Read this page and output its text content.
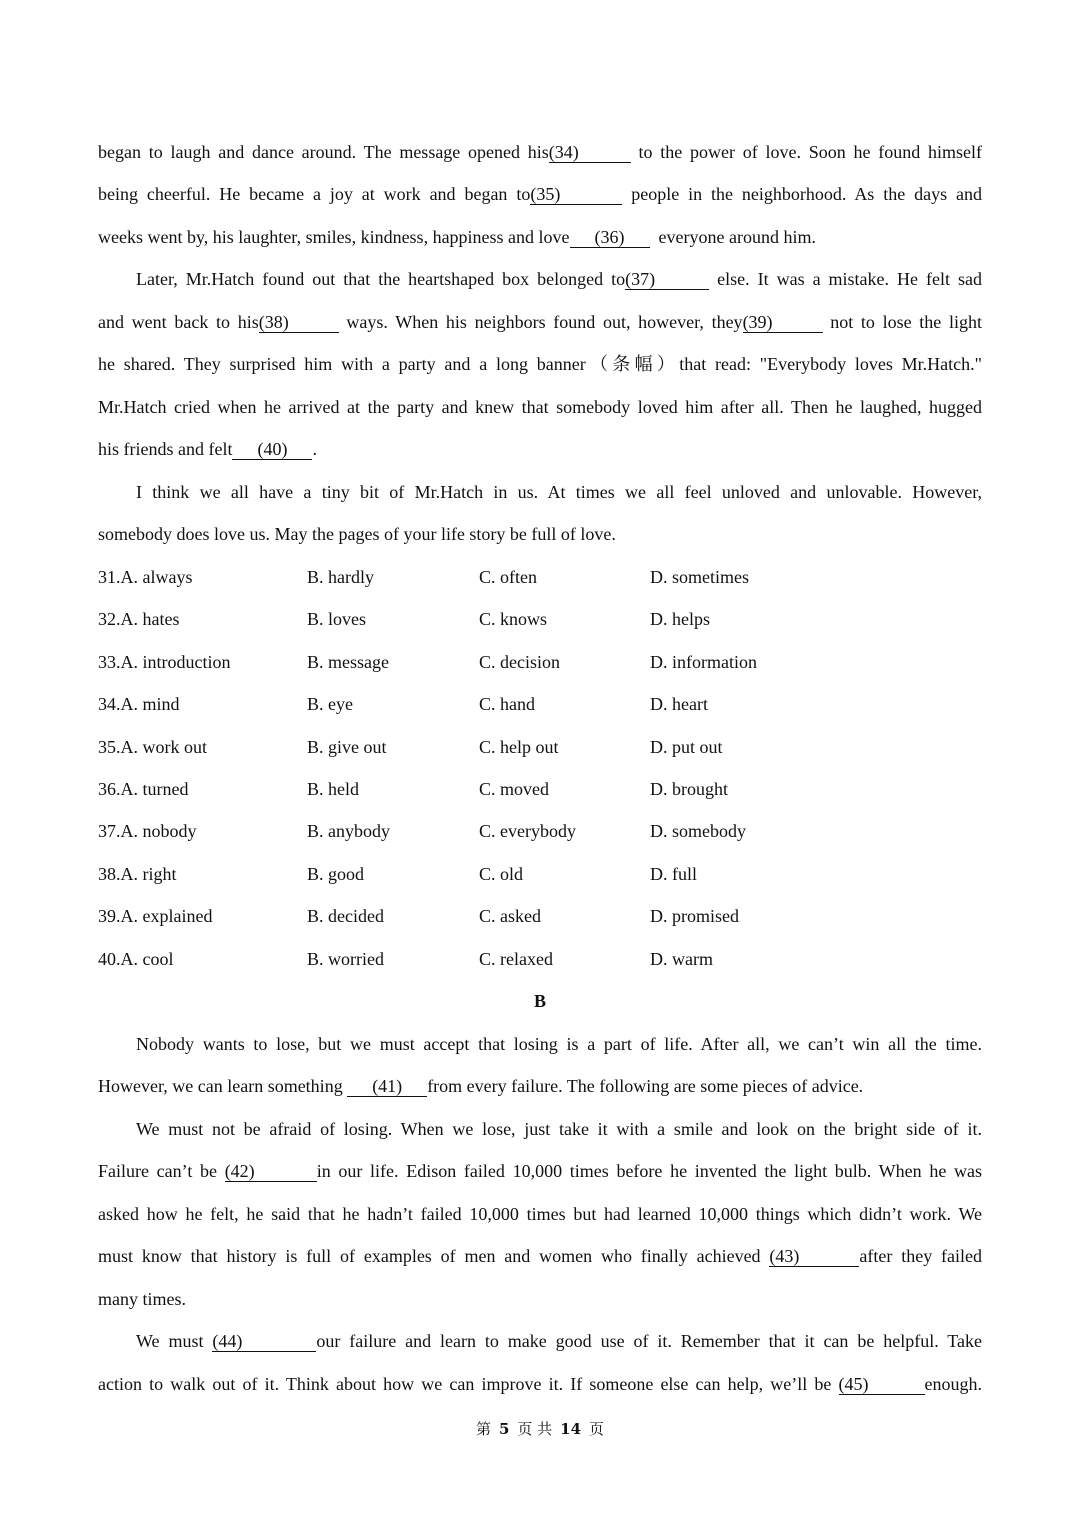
began to laugh and dance around. The message opened his(34)	to the power of love. Soon he found himself
being cheerful. He became a joy at work and began to(35)	people in the neighborhood. As the days and
weeks went by, his laughter, smiles, kindness, happiness and love (36) everyone around him.
Later, Mr.Hatch found out that the heartshaped box belonged to(37)	else. It was a mistake. He felt sad
and went back to his(38)	ways. When his neighbors found out, however, they(39)	not to lose the light
he shared. They surprised him with a party and a long banner（条幅）that read: "Everybody loves Mr.Hatch."
Mr.Hatch cried when he arrived at the party and knew that somebody loved him after all. Then he laughed, hugged
his friends and felt (40) .
I think we all have a tiny bit of Mr.Hatch in us. At times we all feel unloved and unlovable. However,
somebody does love us. May the pages of your life story be full of love.
31.A. always	B. hardly	C. often	D. sometimes
32.A. hates	B. loves	C. knows	D. helps
33.A. introduction	B. message	C. decision	D. information
34.A. mind	B. eye	C. hand	D. heart
35.A. work out	B. give out	C. help out	D. put out
36.A. turned	B. held	C. moved	D. brought
37.A. nobody	B. anybody	C. everybody	D. somebody
38.A. right	B. good	C. old	D. full
39.A. explained	B. decided	C. asked	D. promised
40.A. cool	B. worried	C. relaxed	D. warm
B
Nobody wants to lose, but we must accept that losing is a part of life. After all, we can’t win all the time.
However, we can learn something (41) from every failure. The following are some pieces of advice.
We must not be afraid of losing. When we lose, just take it with a smile and look on the bright side of it.
Failure can’t be (42)	in our life. Edison failed 10,000 times before he invented the light bulb. When he was
asked how he felt, he said that he hadn’t failed 10,000 times but had learned 10,000 things which didn’t work. We
must know that history is full of examples of men and women who finally achieved (43)	after they failed
many times.
We must (44)	our failure and learn to make good use of it. Remember that it can be helpful. Take
action to walk out of it. Think about how we can improve it. If someone else can help, we’ll be (45)	enough.
第 5 页 共 14 页
